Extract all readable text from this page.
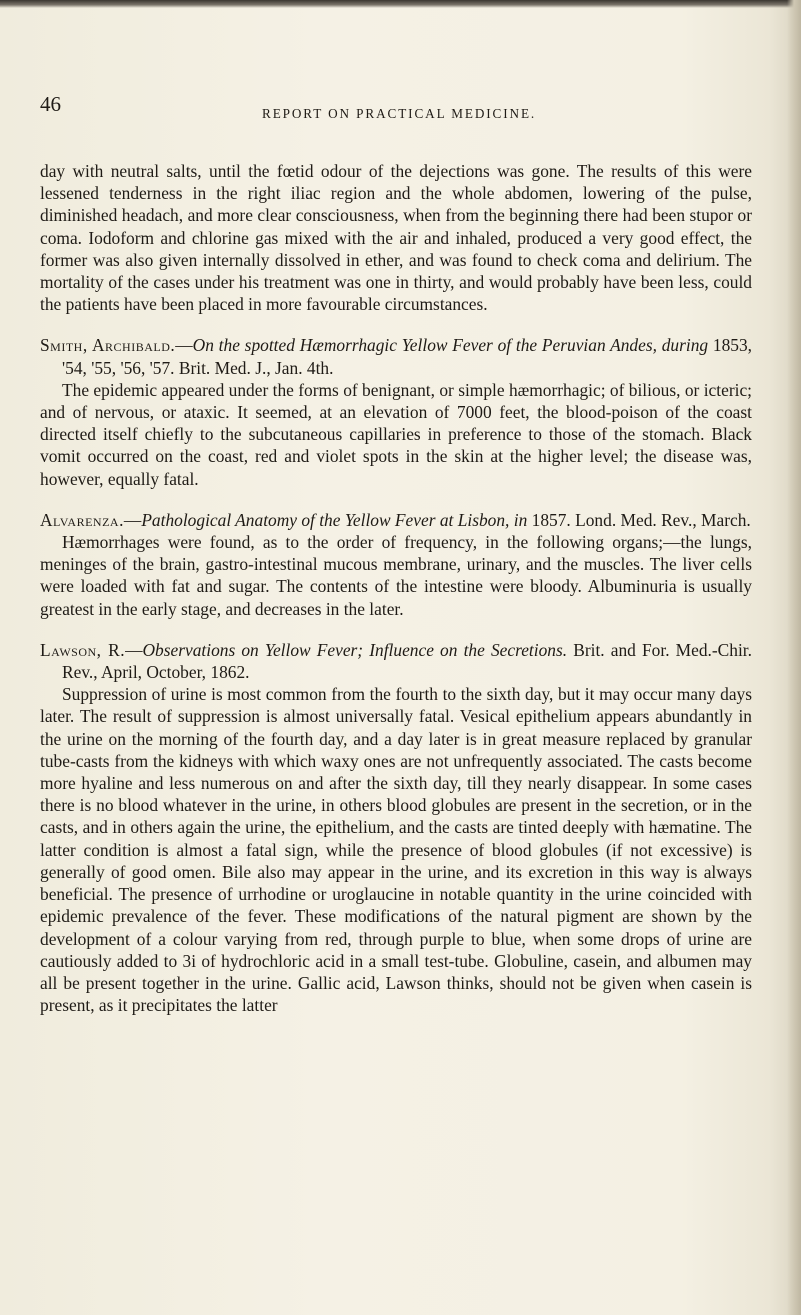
46	REPORT ON PRACTICAL MEDICINE.

day with neutral salts, until the fœtid odour of the dejections was gone. The results of this were lessened tenderness in the right iliac region and the whole abdomen, lowering of the pulse, diminished headach, and more clear consciousness, when from the beginning there had been stupor or coma. Iodoform and chlorine gas mixed with the air and inhaled, produced a very good effect, the former was also given internally dissolved in ether, and was found to check coma and delirium. The mortality of the cases under his treatment was one in thirty, and would probably have been less, could the patients have been placed in more favourable circumstances.

Smith, Archibald.—On the spotted Hæmorrhagic Yellow Fever of the Peruvian Andes, during 1853, '54, '55, '56, '57. Brit. Med. J., Jan. 4th.

The epidemic appeared under the forms of benignant, or simple hæmorrhagic; of bilious, or icteric; and of nervous, or ataxic. It seemed, at an elevation of 7000 feet, the blood-poison of the coast directed itself chiefly to the subcutaneous capillaries in preference to those of the stomach. Black vomit occurred on the coast, red and violet spots in the skin at the higher level; the disease was, however, equally fatal.

Alvarenza.—Pathological Anatomy of the Yellow Fever at Lisbon, in 1857. Lond. Med. Rev., March.

Hæmorrhages were found, as to the order of frequency, in the following organs;—the lungs, meninges of the brain, gastro-intestinal mucous membrane, urinary, and the muscles. The liver cells were loaded with fat and sugar. The contents of the intestine were bloody. Albuminuria is usually greatest in the early stage, and decreases in the later.

Lawson, R.—Observations on Yellow Fever; Influence on the Secretions. Brit. and For. Med.-Chir. Rev., April, October, 1862.

Suppression of urine is most common from the fourth to the sixth day, but it may occur many days later. The result of suppression is almost universally fatal. Vesical epithelium appears abundantly in the urine on the morning of the fourth day, and a day later is in great measure replaced by granular tube-casts from the kidneys with which waxy ones are not unfrequently associated. The casts become more hyaline and less numerous on and after the sixth day, till they nearly disappear. In some cases there is no blood whatever in the urine, in others blood globules are present in the secretion, or in the casts, and in others again the urine, the epithelium, and the casts are tinted deeply with hæmatine. The latter condition is almost a fatal sign, while the presence of blood globules (if not excessive) is generally of good omen. Bile also may appear in the urine, and its excretion in this way is always beneficial. The presence of urrhodine or uroglaucine in notable quantity in the urine coincided with epidemic prevalence of the fever. These modifications of the natural pigment are shown by the development of a colour varying from red, through purple to blue, when some drops of urine are cautiously added to 3i of hydrochloric acid in a small test-tube. Globuline, casein, and albumen may all be present together in the urine. Gallic acid, Lawson thinks, should not be given when casein is present, as it precipitates the latter
